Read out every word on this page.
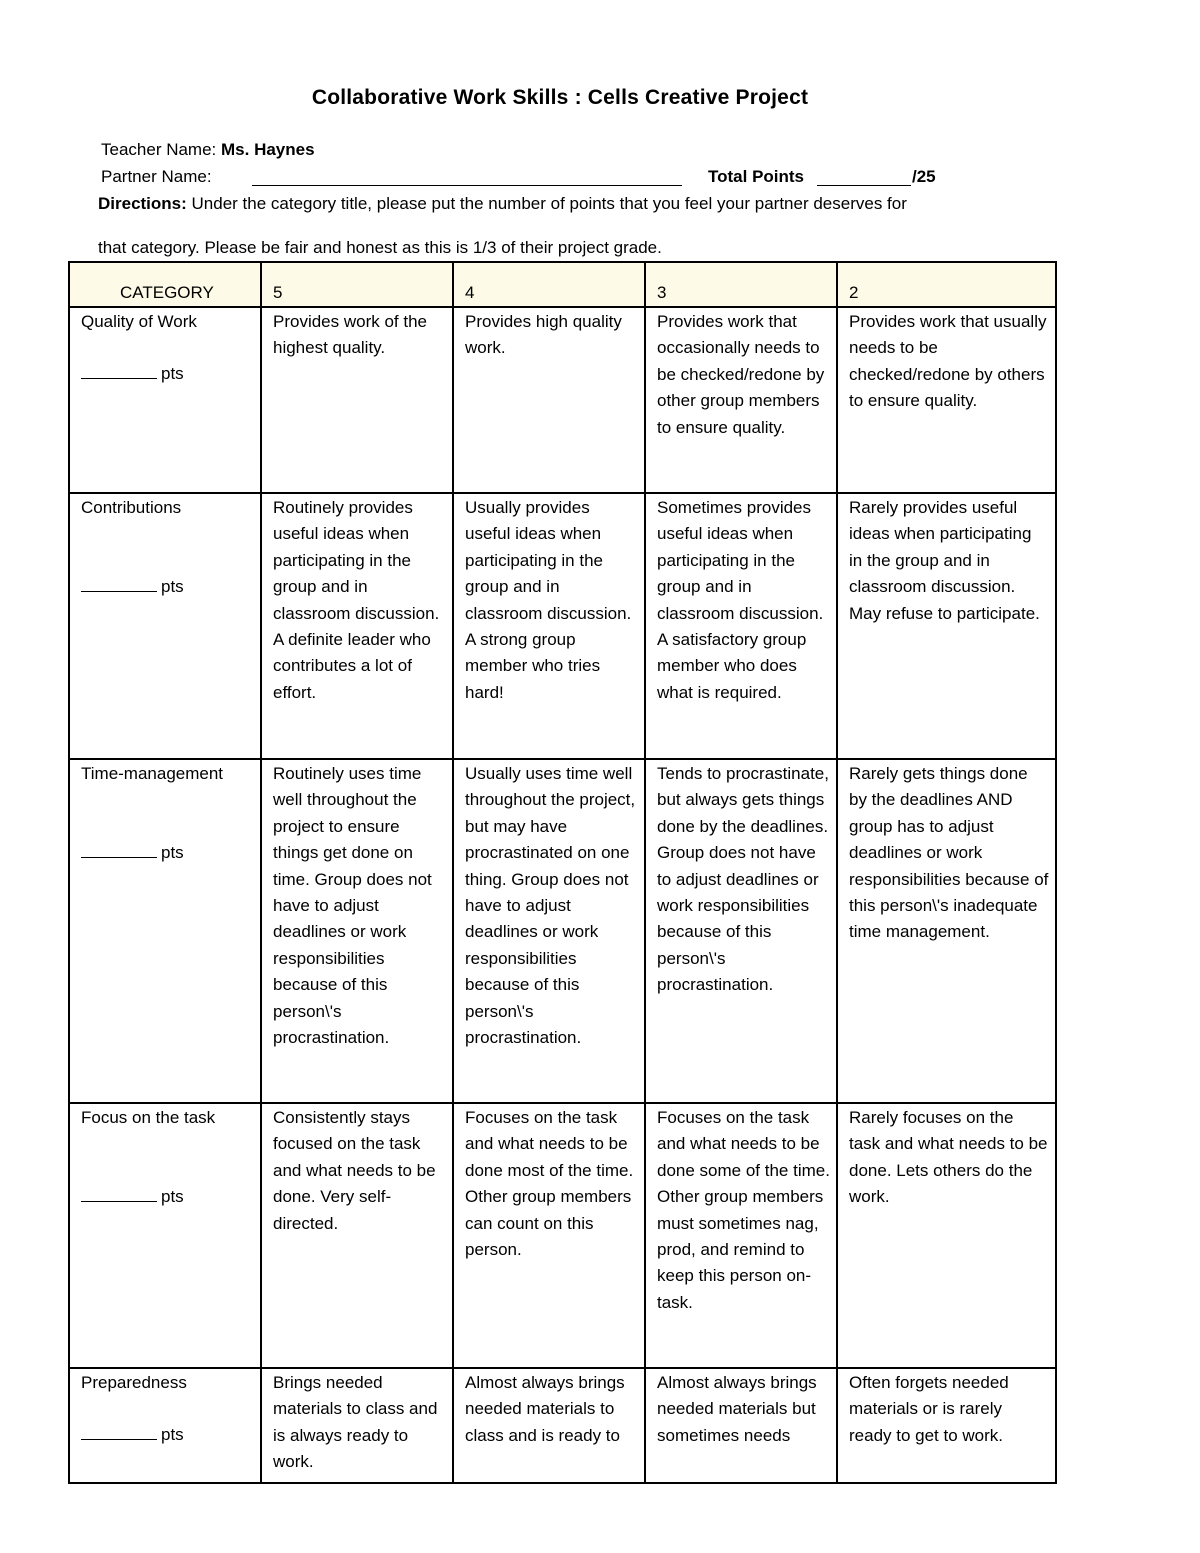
Collaborative Work Skills : Cells Creative Project
Teacher Name: Ms. Haynes
Partner Name:	Total Points	/25
Directions: Under the category title, please put the number of points that you feel your partner deserves for
that category. Please be fair and honest as this is 1/3 of their project grade.
CATEGORY	5	4	3	2

Quality of Work
pts	Provides work of the highest quality.	Provides high quality work.	Provides work that occasionally needs to be checked/redone by other group members to ensure quality.	Provides work that usually needs to be checked/redone by others to ensure quality.

Contributions
pts	Routinely provides useful ideas when participating in the group and in classroom discussion. A definite leader who contributes a lot of effort.	Usually provides useful ideas when participating in the group and in classroom discussion. A strong group member who tries hard!	Sometimes provides useful ideas when participating in the group and in classroom discussion. A satisfactory group member who does what is required.	Rarely provides useful ideas when participating in the group and in classroom discussion. May refuse to participate.

Time-management
pts	Routinely uses time well throughout the project to ensure things get done on time. Group does not have to adjust deadlines or work responsibilities because of this person\'s procrastination.	Usually uses time well throughout the project, but may have procrastinated on one thing. Group does not have to adjust deadlines or work responsibilities because of this person\'s procrastination.	Tends to procrastinate, but always gets things done by the deadlines. Group does not have to adjust deadlines or work responsibilities because of this person\'s procrastination.	Rarely gets things done by the deadlines AND group has to adjust deadlines or work responsibilities because of this person\'s inadequate time management.

Focus on the task
pts	Consistently stays focused on the task and what needs to be done. Very self-directed.	Focuses on the task and what needs to be done most of the time. Other group members can count on this person.	Focuses on the task and what needs to be done some of the time. Other group members must sometimes nag, prod, and remind to keep this person on-task.	Rarely focuses on the task and what needs to be done. Lets others do the work.

Preparedness
pts	Brings needed materials to class and is always ready to work.	Almost always brings needed materials to class and is ready to	Almost always brings needed materials but sometimes needs	Often forgets needed materials or is rarely ready to get to work.
